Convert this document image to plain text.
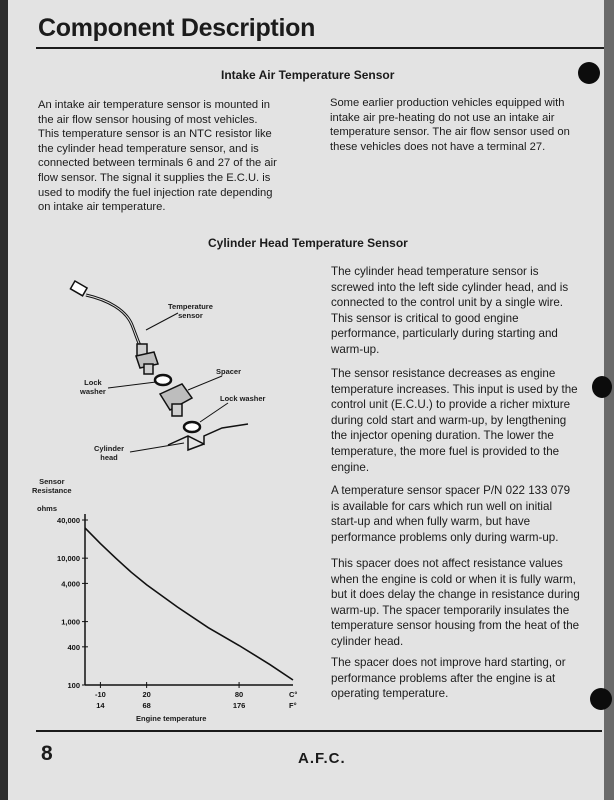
Component Description
Intake Air Temperature Sensor
An intake air temperature sensor is mounted in
the air flow sensor housing of most vehicles.
This temperature sensor is an NTC resistor like
the cylinder head temperature sensor, and is
connected between terminals 6 and 27 of the air
flow sensor. The signal it supplies the E.C.U. is
used to modify the fuel injection rate depending
on intake air temperature.
Some earlier production vehicles equipped with
intake air pre-heating do not use an intake air
temperature sensor. The air flow sensor used on
these vehicles does not have a terminal 27.
Cylinder Head Temperature Sensor
The cylinder head temperature sensor is
screwed into the left side cylinder head, and is
connected to the control unit by a single wire.
This sensor is critical to good engine
performance, particularly during starting and
warm-up.
The sensor resistance decreases as engine
temperature increases. This input is used by the
control unit (E.C.U.) to provide a richer mixture
during cold start and warm-up, by lengthening
the injector opening duration. The lower the
temperature, the more fuel is provided to the
engine.
A temperature sensor spacer P/N 022 133 079
is available for cars which run well on initial
start-up and when fully warm, but have
performance problems only during warm-up.
This spacer does not affect resistance values
when the engine is cold or when it is fully warm,
but it does delay the change in resistance during
warm-up. The spacer temporarily insulates the
temperature sensor housing from the heat of the
cylinder head.
The spacer does not improve hard starting, or
performance problems after the engine is at
operating temperature.
Temperature
sensor
Lock
washer
Spacer
Lock washer
Cylinder
head
Sensor
Resistance
ohms
100
400
1,000
4,000
10,000
40,000
-10
14
20
68
80
176
C°
F°
Engine temperature
8	A.F.C.
